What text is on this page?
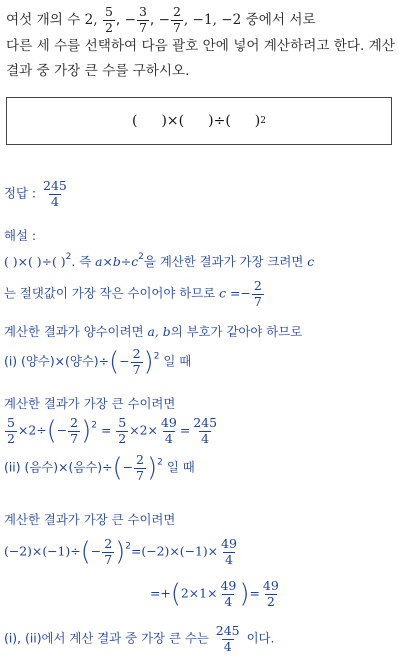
여섯 개의 수 2, $\frac{5}{2}$ , − $\frac{3}{7}$ , − $\frac{2}{7}$ , −1, −2 중에서 서로
다른 세 수를 선택하여 다음 괄호 안에 넣어 계산하려고 한다. 계산
결과 중 가장 큰 수를 구하시오.
( )×( )÷( ) 2
정답 : $\frac{245}{4}$
해설 :
( )×( )÷( )$^2$. 즉 $a\times b\div c^2$을 계산한 결과가 가장 크려면 c
는 절댓값이 가장 작은 수이어야 하므로 $c =- \frac{2}{7}$
계산한 결과가 양수이려면 a, b의 부호가 같아야 하므로
(i) (양수)×(양수)÷(− $\frac{2}{7} )^2$ 일 때
계산한 결과가 가장 큰 수이려면
$\frac{5}{2} \times 2\div(- \frac{2}{7} )^2 = \frac{5}{2} \times 2\times \frac{49}{4} = \frac{245}{4}$
(ii) (음수)×(음수)÷(− $\frac{2}{7} )^2$ 일 때
계산한 결과가 가장 큰 수이려면
$(-2)\times(-1)\div(- \frac{2}{7} )^2=(-2)\times(-1)\times \frac{49}{4}$
$=+(2\times 1\times \frac{49}{4}$ )= $\frac{49}{2}$
(i), (ii)에서 계산 결과 중 가장 큰 수는 $\frac{245}{4}$ 이다.
